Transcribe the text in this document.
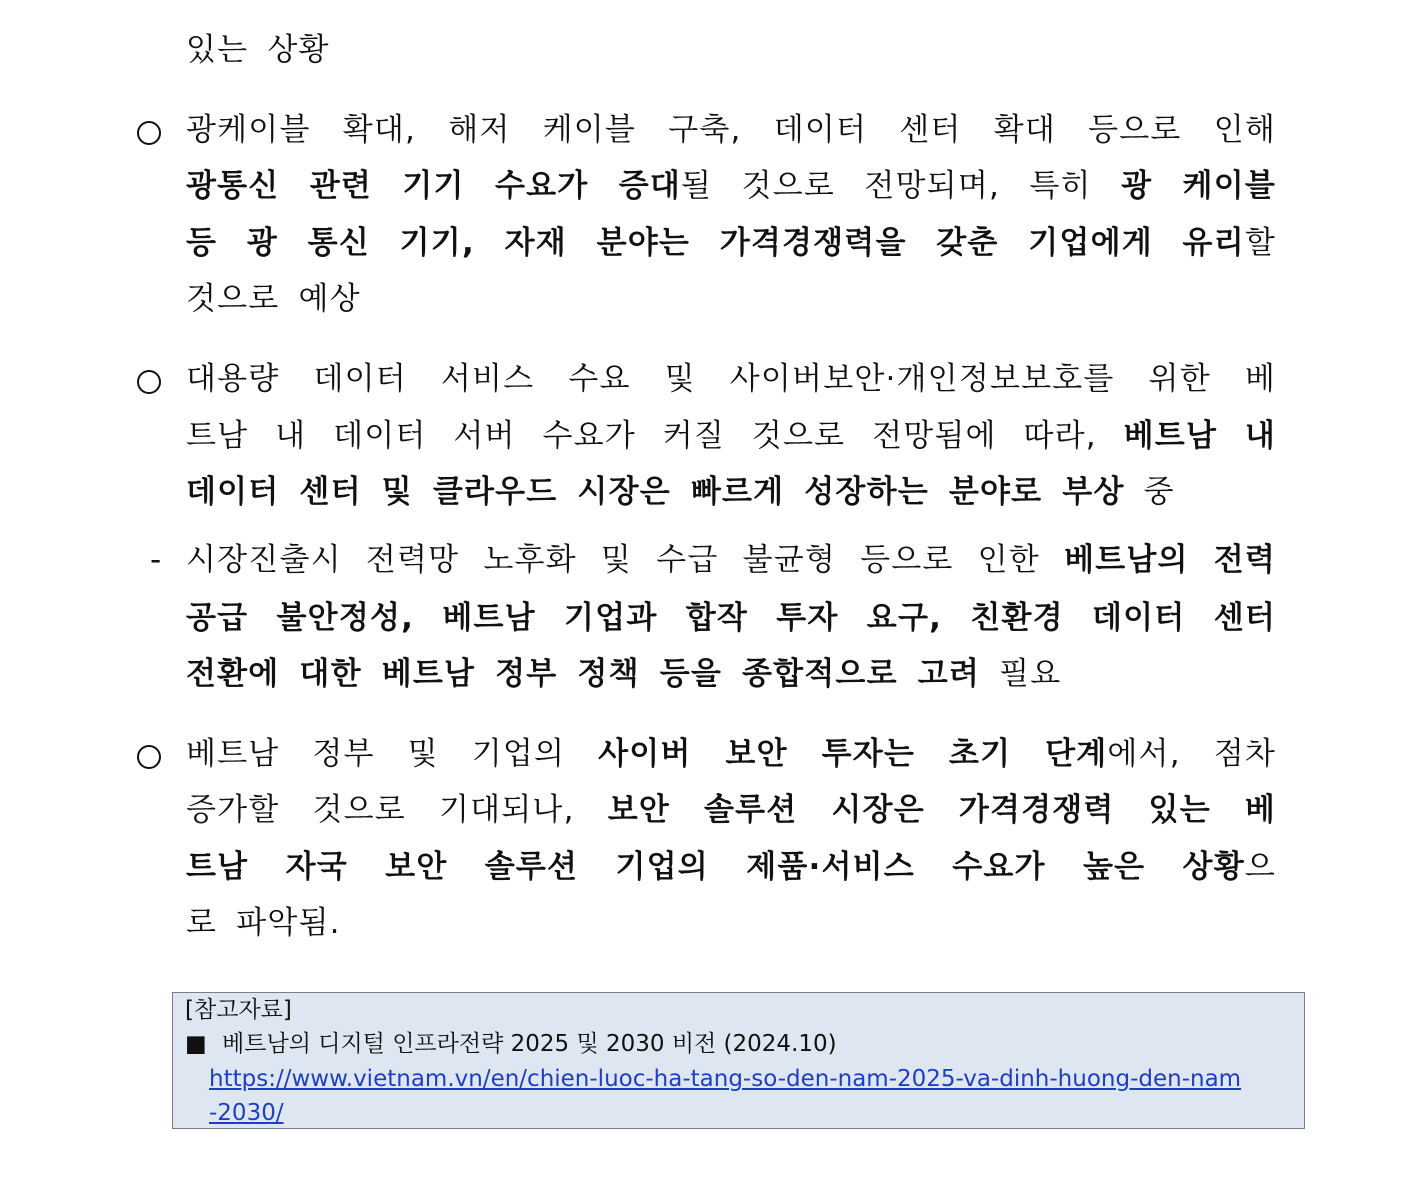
있는 상황
광케이블 확대, 해저 케이블 구축, 데이터 센터 확대 등으로 인해
광통신 관련 기기 수요가 증대될 것으로 전망되며, 특히 광 케이블
등 광 통신 기기, 자재 분야는 가격경쟁력을 갖춘 기업에게 유리할
것으로 예상
대용량 데이터 서비스 수요 및 사이버보안·개인정보보호를 위한 베
트남 내 데이터 서버 수요가 커질 것으로 전망됨에 따라, 베트남 내
데이터 센터 및 클라우드 시장은 빠르게 성장하는 분야로 부상 중
- 시장진출시 전력망 노후화 및 수급 불균형 등으로 인한 베트남의 전력
공급 불안정성, 베트남 기업과 합작 투자 요구, 친환경 데이터 센터
전환에 대한 베트남 정부 정책 등을 종합적으로 고려 필요
베트남 정부 및 기업의 사이버 보안 투자는 초기 단계에서, 점차
증가할 것으로 기대되나, 보안 솔루션 시장은 가격경쟁력 있는 베
트남 자국 보안 솔루션 기업의 제품·서비스 수요가 높은 상황으
로 파악됨.
[참고자료]
■ 베트남의 디지털 인프라전략 2025 및 2030 비전 (2024.10)
https://www.vietnam.vn/en/chien-luoc-ha-tang-so-den-nam-2025-va-dinh-huong-den-nam
-2030/
